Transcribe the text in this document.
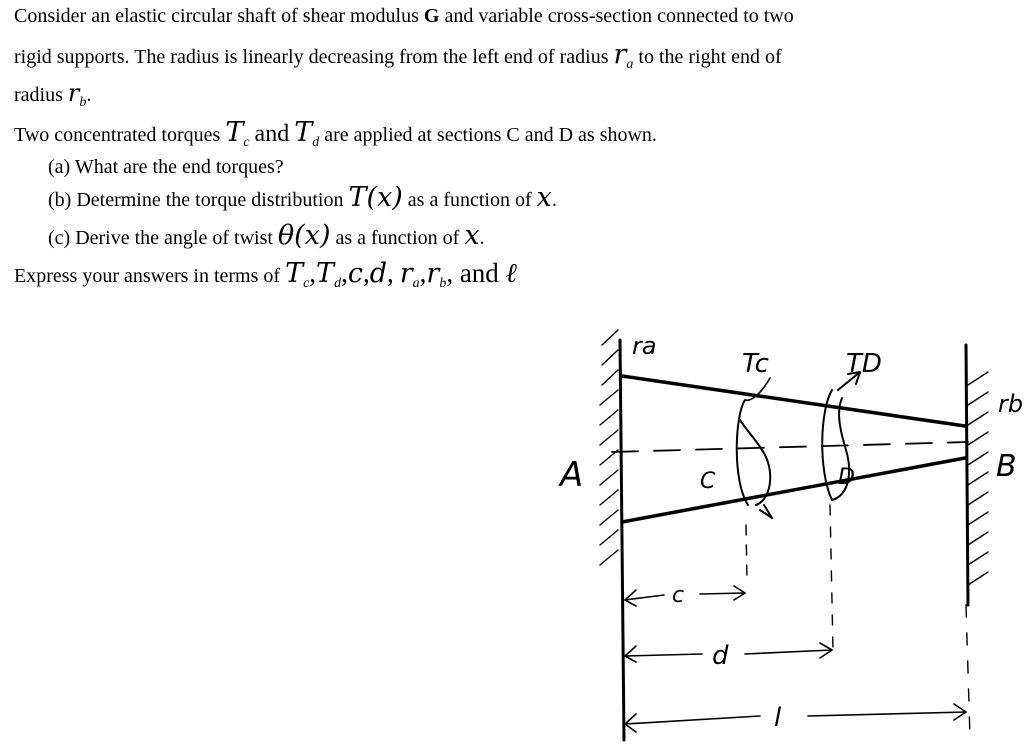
Consider an elastic circular shaft of shear modulus G and variable cross-section connected to two
rigid supports. The radius is linearly decreasing from the left end of radius $r_a$ to the right end of
radius $r_b$.
Two concentrated torques $T_c$ and $T_d$ are applied at sections C and D as shown.
(a) What are the end torques?
(b) Determine the torque distribution T(x) as a function of x.
(c) Derive the angle of twist θ(x) as a function of x.
Express your answers in terms of $T_c,T_d,c,d$, $r_a,r_b$, and ℓ
C
Tc
D
TD
A	B
ra
rb
c
d
l
